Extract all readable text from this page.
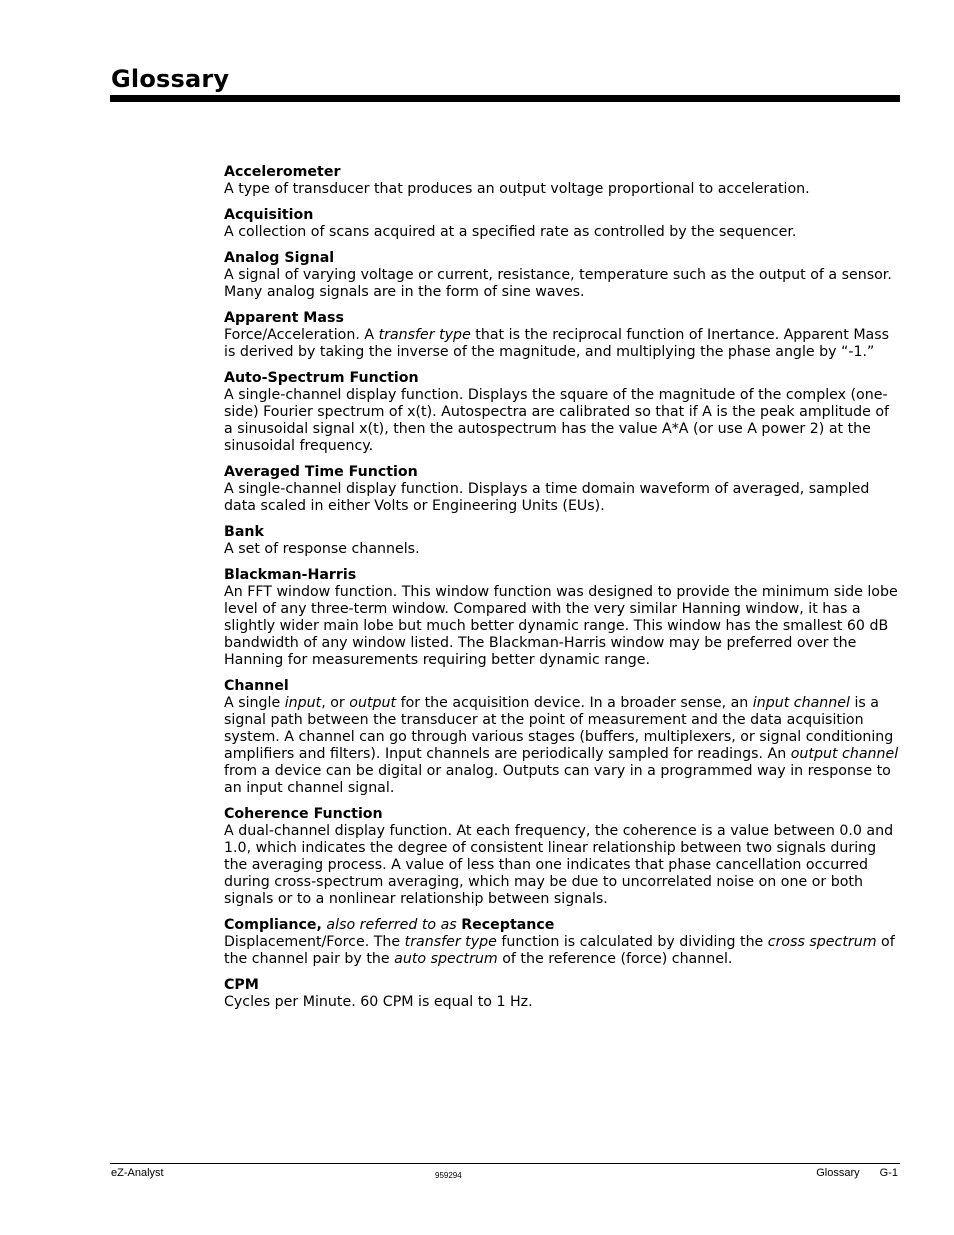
Glossary
Accelerometer
A type of transducer that produces an output voltage proportional to acceleration.
Acquisition
A collection of scans acquired at a specified rate as controlled by the sequencer.
Analog Signal
A signal of varying voltage or current, resistance, temperature such as the output of a sensor. Many analog signals are in the form of sine waves.
Apparent Mass
Force/Acceleration. A transfer type that is the reciprocal function of Inertance. Apparent Mass is derived by taking the inverse of the magnitude, and multiplying the phase angle by “-1.”
Auto-Spectrum Function
A single-channel display function. Displays the square of the magnitude of the complex (one-side) Fourier spectrum of x(t). Autospectra are calibrated so that if A is the peak amplitude of a sinusoidal signal x(t), then the autospectrum has the value A*A (or use A power 2) at the sinusoidal frequency.
Averaged Time Function
A single-channel display function. Displays a time domain waveform of averaged, sampled data scaled in either Volts or Engineering Units (EUs).
Bank
A set of response channels.
Blackman-Harris
An FFT window function. This window function was designed to provide the minimum side lobe level of any three-term window. Compared with the very similar Hanning window, it has a slightly wider main lobe but much better dynamic range. This window has the smallest 60 dB bandwidth of any window listed. The Blackman-Harris window may be preferred over the Hanning for measurements requiring better dynamic range.
Channel
A single input, or output for the acquisition device. In a broader sense, an input channel is a signal path between the transducer at the point of measurement and the data acquisition system. A channel can go through various stages (buffers, multiplexers, or signal conditioning amplifiers and filters). Input channels are periodically sampled for readings. An output channel from a device can be digital or analog. Outputs can vary in a programmed way in response to an input channel signal.
Coherence Function
A dual-channel display function. At each frequency, the coherence is a value between 0.0 and 1.0, which indicates the degree of consistent linear relationship between two signals during the averaging process. A value of less than one indicates that phase cancellation occurred during cross-spectrum averaging, which may be due to uncorrelated noise on one or both signals or to a nonlinear relationship between signals.
Compliance, also referred to as Receptance
Displacement/Force. The transfer type function is calculated by dividing the cross spectrum of the channel pair by the auto spectrum of the reference (force) channel.
CPM
Cycles per Minute. 60 CPM is equal to 1 Hz.
eZ-Analyst	959294	Glossary G-1
